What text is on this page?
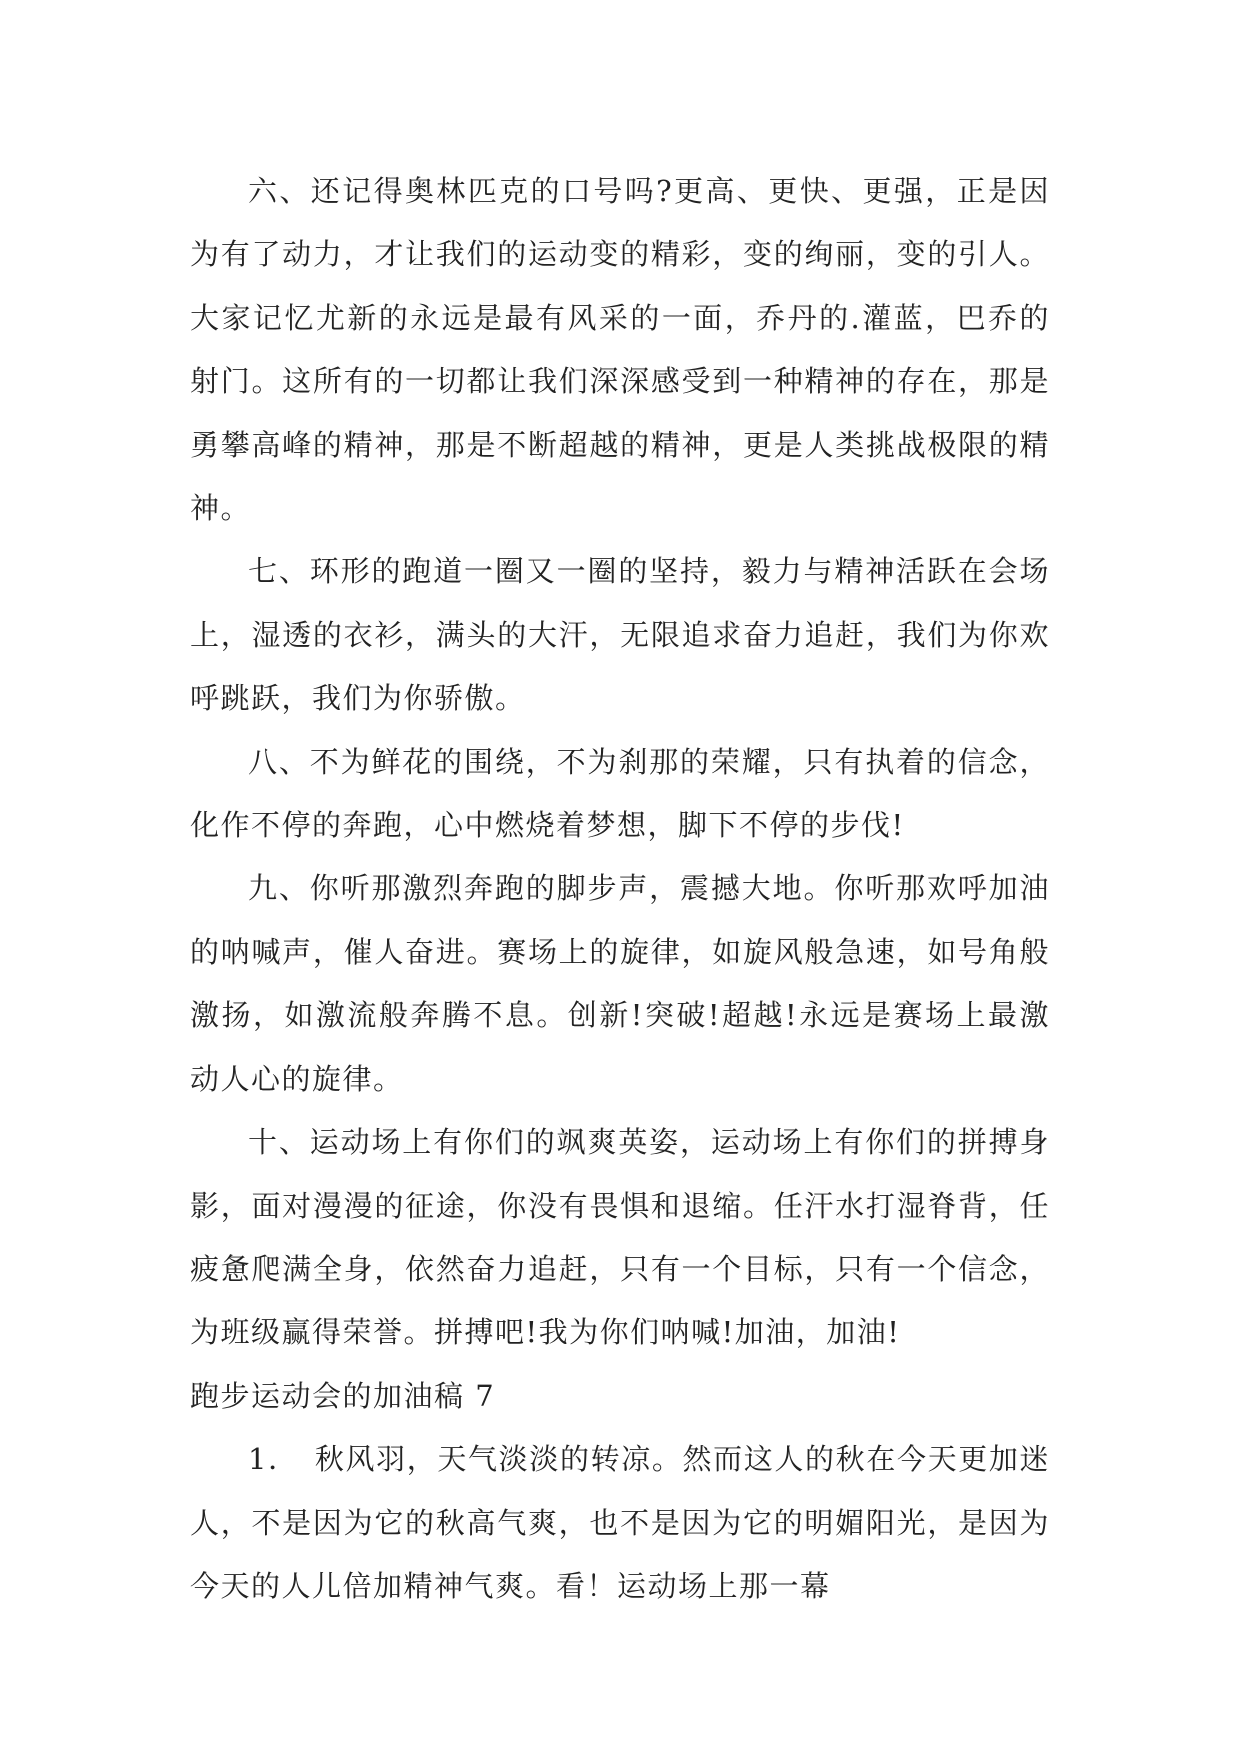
六、还记得奥林匹克的口号吗?更高、更快、更强，正是因为有了动力，才让我们的运动变的精彩，变的绚丽，变的引人。大家记忆尤新的永远是最有风采的一面，乔丹的.灌蓝，巴乔的射门。这所有的一切都让我们深深感受到一种精神的存在，那是勇攀高峰的精神，那是不断超越的精神，更是人类挑战极限的精神。

七、环形的跑道一圈又一圈的坚持，毅力与精神活跃在会场上，湿透的衣衫，满头的大汗，无限追求奋力追赶，我们为你欢呼跳跃，我们为你骄傲。

八、不为鲜花的围绕，不为刹那的荣耀，只有执着的信念，化作不停的奔跑，心中燃烧着梦想，脚下不停的步伐!

九、你听那激烈奔跑的脚步声，震撼大地。你听那欢呼加油的呐喊声，催人奋进。赛场上的旋律，如旋风般急速，如号角般激扬，如激流般奔腾不息。创新!突破!超越!永远是赛场上最激动人心的旋律。

十、运动场上有你们的飒爽英姿，运动场上有你们的拼搏身影，面对漫漫的征途，你没有畏惧和退缩。任汗水打湿脊背，任疲惫爬满全身，依然奋力追赶，只有一个目标，只有一个信念，为班级赢得荣誉。拼搏吧!我为你们呐喊!加油，加油!

跑步运动会的加油稿 7

1．　秋风羽，天气淡淡的转凉。然而这人的秋在今天更加迷人，不是因为它的秋高气爽，也不是因为它的明媚阳光，是因为今天的人儿倍加精神气爽。看！运动场上那一幕
